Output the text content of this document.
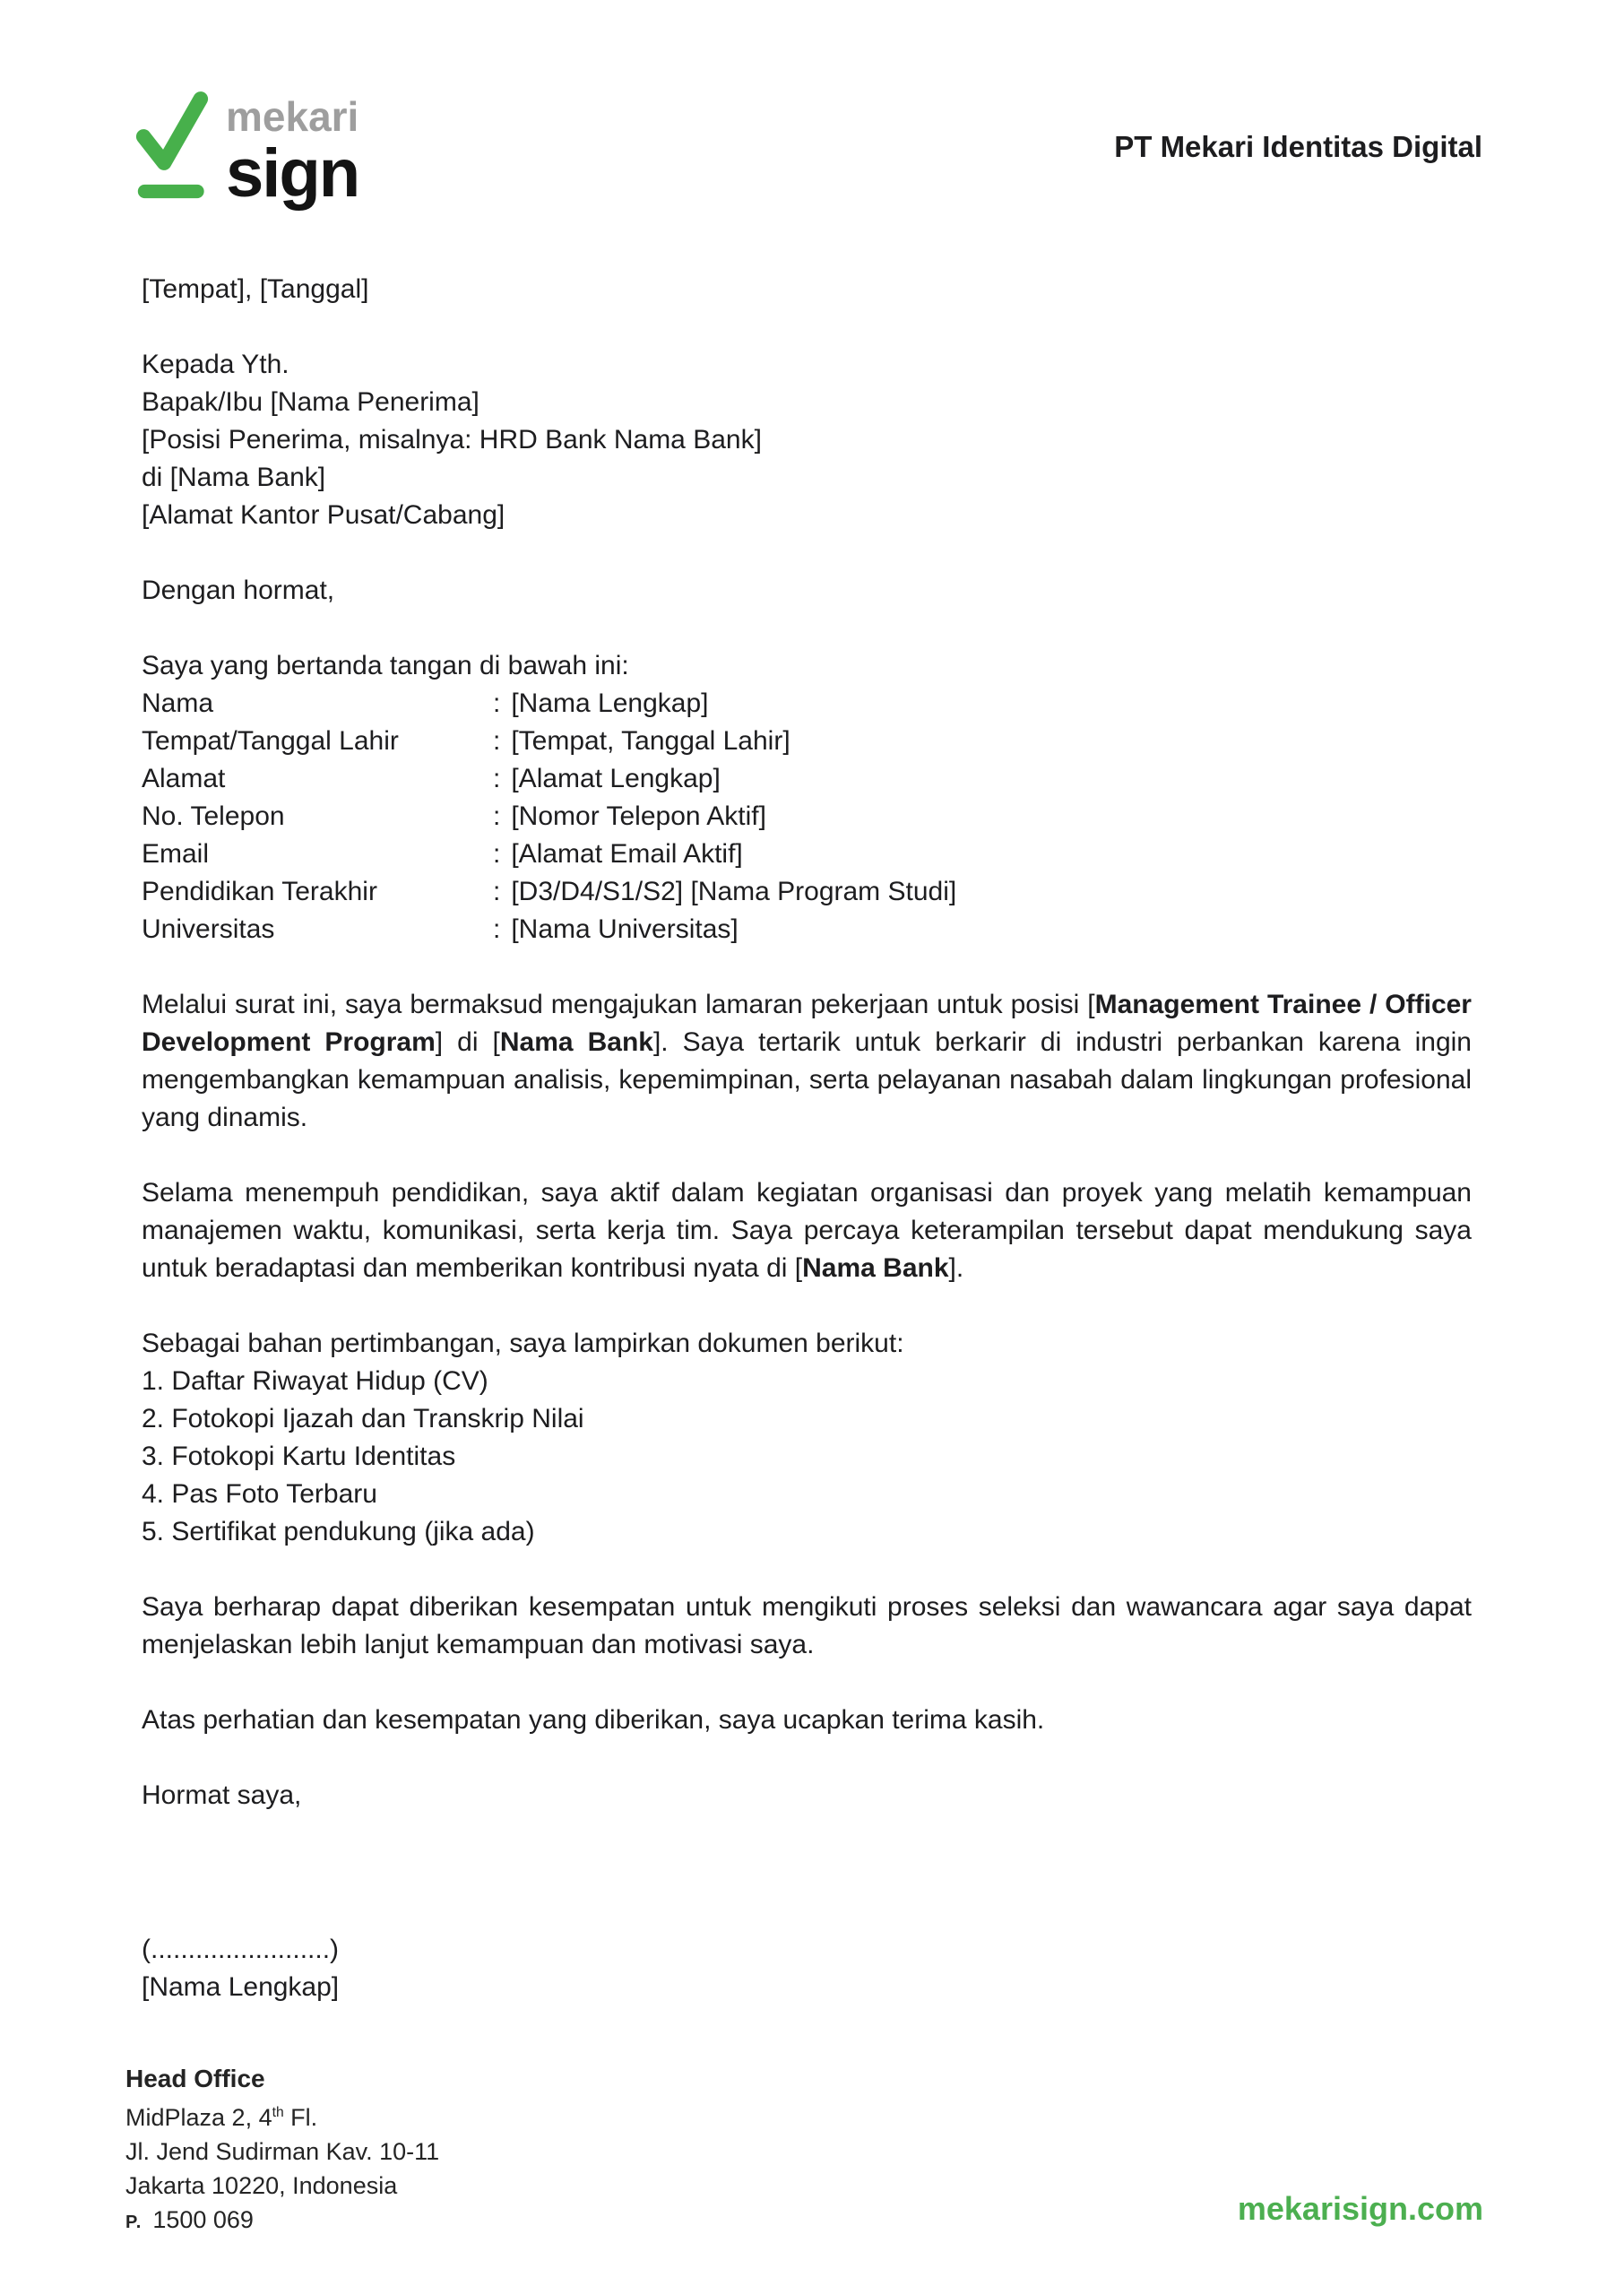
mekari
sign	PT Mekari Identitas Digital
[Tempat], [Tanggal]
Kepada Yth.
Bapak/Ibu [Nama Penerima]
[Posisi Penerima, misalnya: HRD Bank Nama Bank]
di [Nama Bank]
[Alamat Kantor Pusat/Cabang]
Dengan hormat,
Saya yang bertanda tangan di bawah ini:
Nama	: [Nama Lengkap]
Tempat/Tanggal Lahir	: [Tempat, Tanggal Lahir]
Alamat	: [Alamat Lengkap]
No. Telepon	: [Nomor Telepon Aktif]
Email	: [Alamat Email Aktif]
Pendidikan Terakhir	: [D3/D4/S1/S2] [Nama Program Studi]
Universitas	: [Nama Universitas]
Melalui surat ini, saya bermaksud mengajukan lamaran pekerjaan untuk posisi [Management Trainee / Officer Development Program] di [Nama Bank]. Saya tertarik untuk berkarir di industri perbankan karena ingin mengembangkan kemampuan analisis, kepemimpinan, serta pelayanan nasabah dalam lingkungan profesional yang dinamis.
Selama menempuh pendidikan, saya aktif dalam kegiatan organisasi dan proyek yang melatih kemampuan manajemen waktu, komunikasi, serta kerja tim. Saya percaya keterampilan tersebut dapat mendukung saya untuk beradaptasi dan memberikan kontribusi nyata di [Nama Bank].
Sebagai bahan pertimbangan, saya lampirkan dokumen berikut:
1. Daftar Riwayat Hidup (CV)
2. Fotokopi Ijazah dan Transkrip Nilai
3. Fotokopi Kartu Identitas
4. Pas Foto Terbaru
5. Sertifikat pendukung (jika ada)
Saya berharap dapat diberikan kesempatan untuk mengikuti proses seleksi dan wawancara agar saya dapat menjelaskan lebih lanjut kemampuan dan motivasi saya.
Atas perhatian dan kesempatan yang diberikan, saya ucapkan terima kasih.
Hormat saya,
(........................)
[Nama Lengkap]
Head Office
MidPlaza 2, 4th Fl.
Jl. Jend Sudirman Kav. 10-11
Jakarta 10220, Indonesia
P. 1500 069	mekarisign.com
